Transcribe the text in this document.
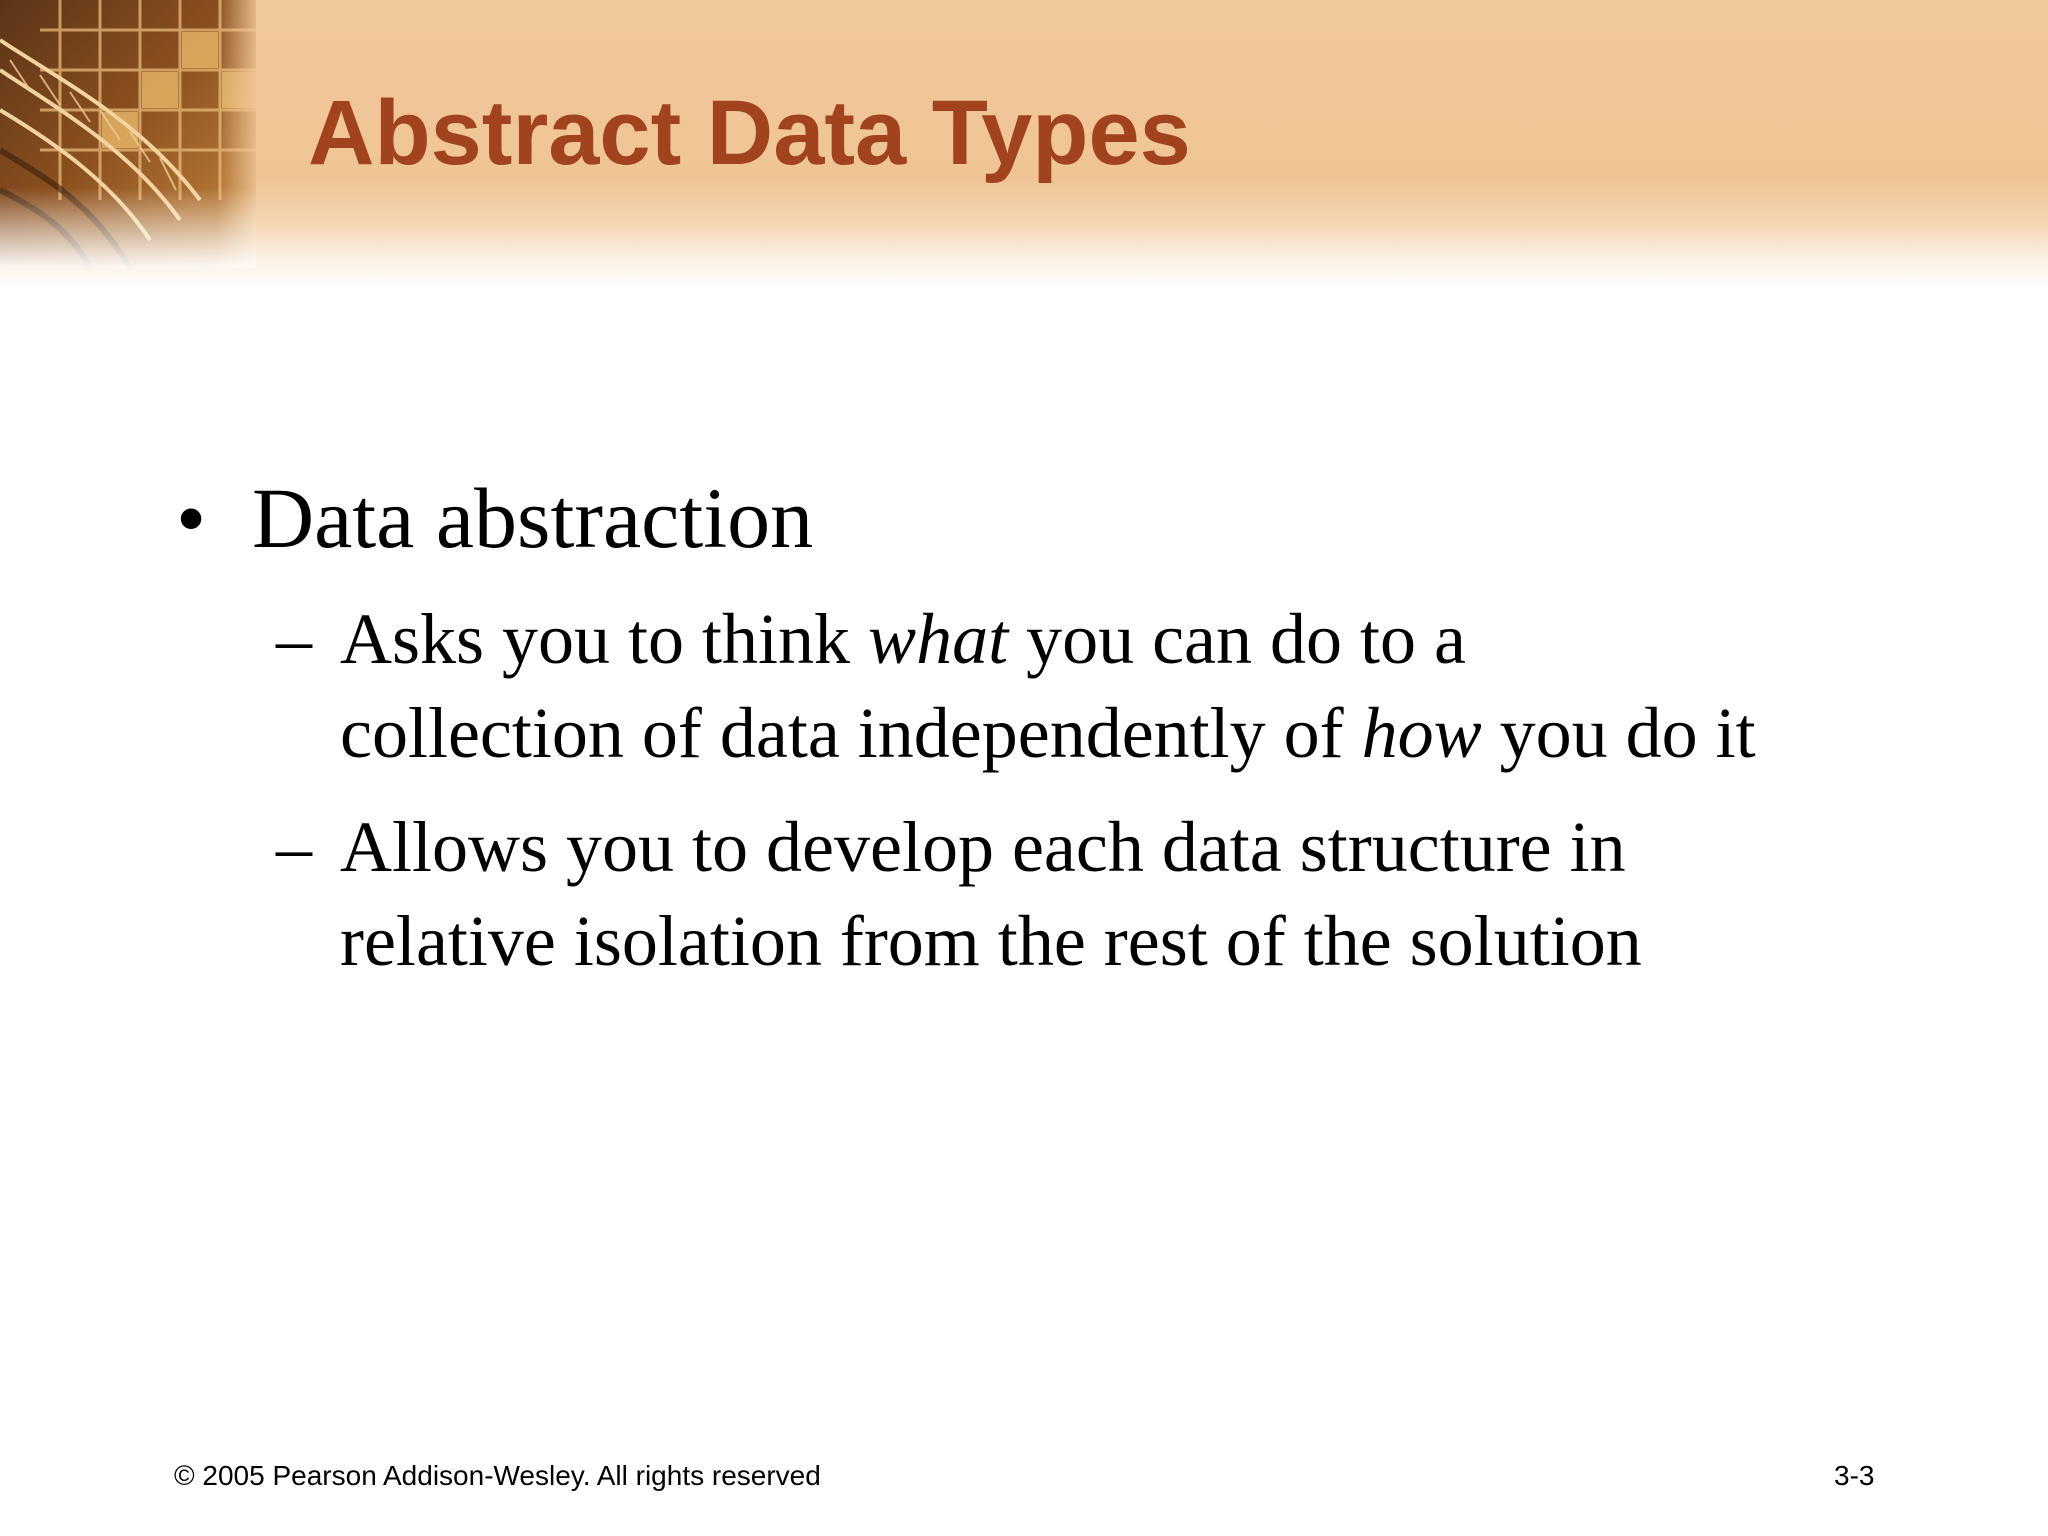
Abstract Data Types
• Data abstraction
– Asks you to think what you can do to a
collection of data independently of how you do it
– Allows you to develop each data structure in
relative isolation from the rest of the solution
© 2005 Pearson Addison-Wesley. All rights reserved	3-3
